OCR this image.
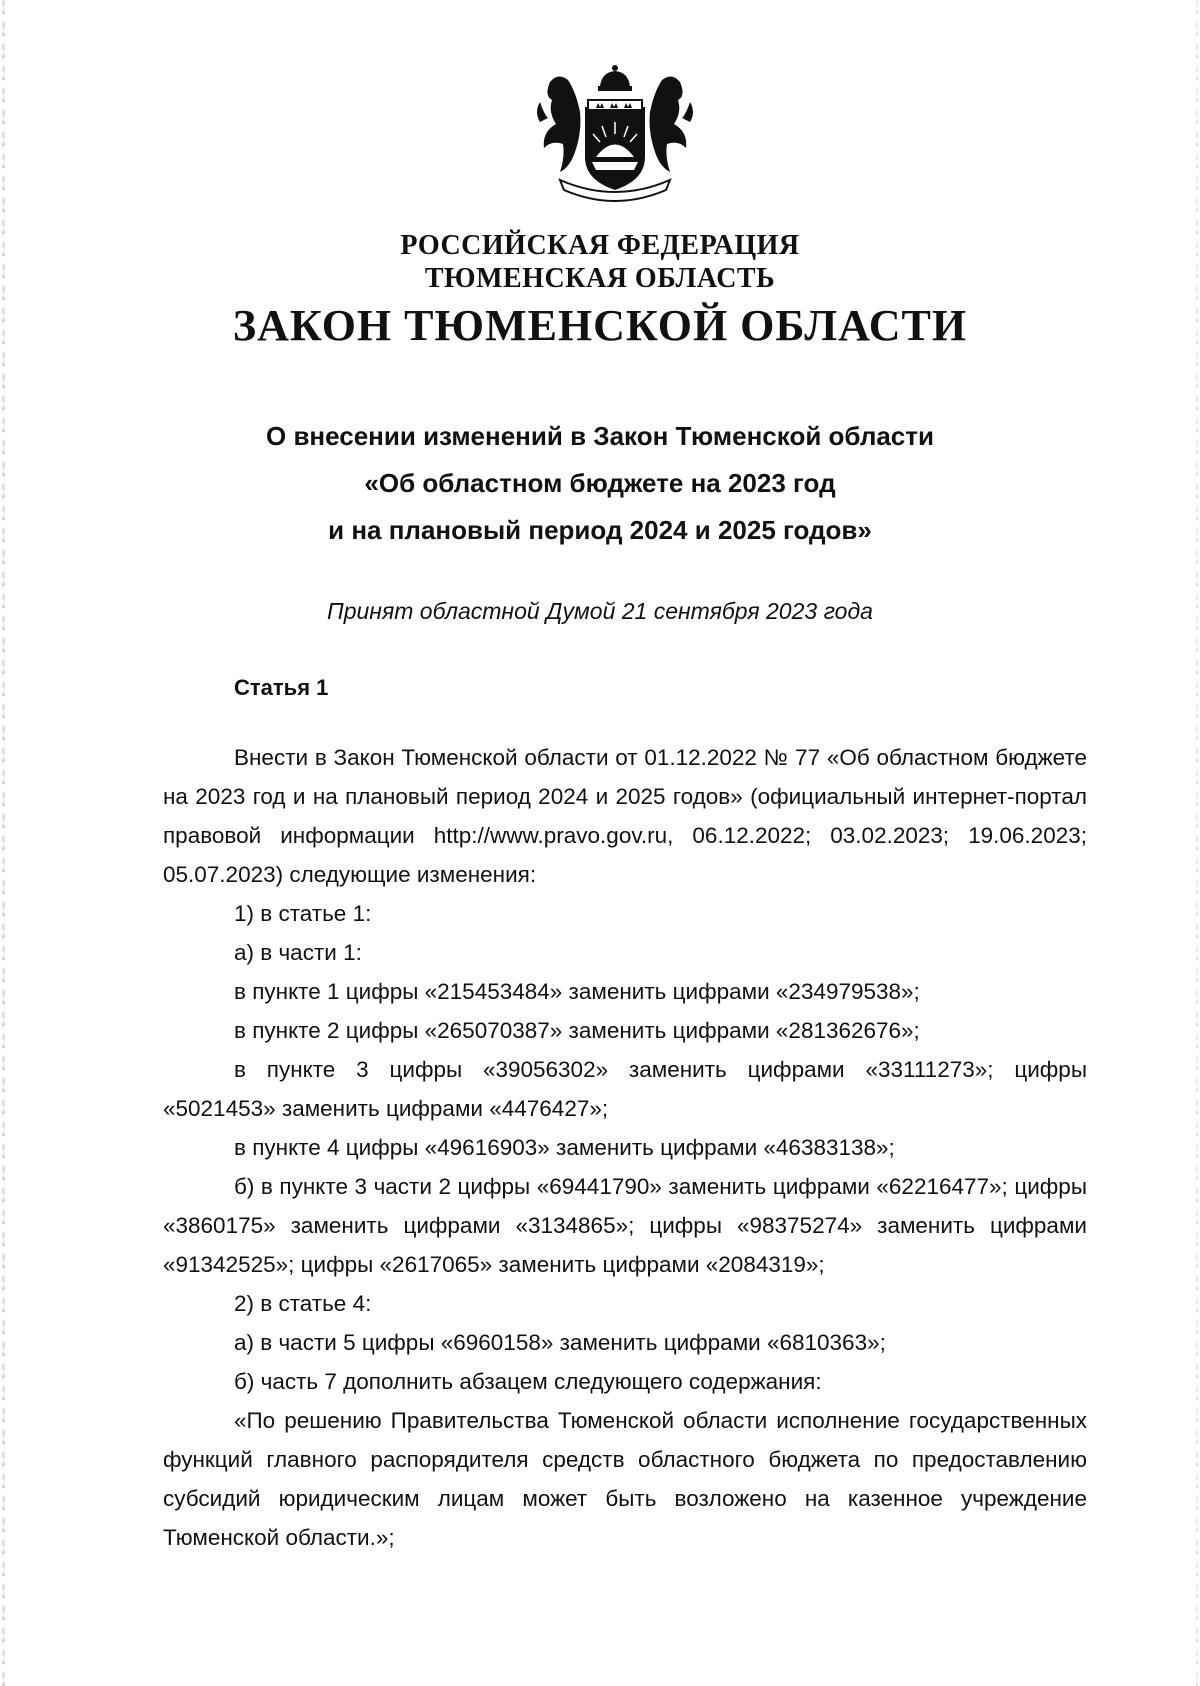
РОССИЙСКАЯ ФЕДЕРАЦИЯ
ТЮМЕНСКАЯ ОБЛАСТЬ
ЗАКОН ТЮМЕНСКОЙ ОБЛАСТИ
О внесении изменений в Закон Тюменской области
«Об областном бюджете на 2023 год
и на плановый период 2024 и 2025 годов»
Принят областной Думой 21 сентября 2023 года
Статья 1

Внести в Закон Тюменской области от 01.12.2022 № 77 «Об областном бюджете на 2023 год и на плановый период 2024 и 2025 годов» (официальный интернет-портал правовой информации http://www.pravo.gov.ru, 06.12.2022; 03.02.2023; 19.06.2023; 05.07.2023) следующие изменения:

1) в статье 1:

а) в части 1:

в пункте 1 цифры «215453484» заменить цифрами «234979538»;

в пункте 2 цифры «265070387» заменить цифрами «281362676»;

в пункте 3 цифры «39056302» заменить цифрами «33111273»; цифры «5021453» заменить цифрами «4476427»;

в пункте 4 цифры «49616903» заменить цифрами «46383138»;

б) в пункте 3 части 2 цифры «69441790» заменить цифрами «62216477»; цифры «3860175» заменить цифрами «3134865»; цифры «98375274» заменить цифрами «91342525»; цифры «2617065» заменить цифрами «2084319»;

2) в статье 4:

а) в части 5 цифры «6960158» заменить цифрами «6810363»;

б) часть 7 дополнить абзацем следующего содержания:

«По решению Правительства Тюменской области исполнение государственных функций главного распорядителя средств областного бюджета по предоставлению субсидий юридическим лицам может быть возложено на казенное учреждение Тюменской области.»;
